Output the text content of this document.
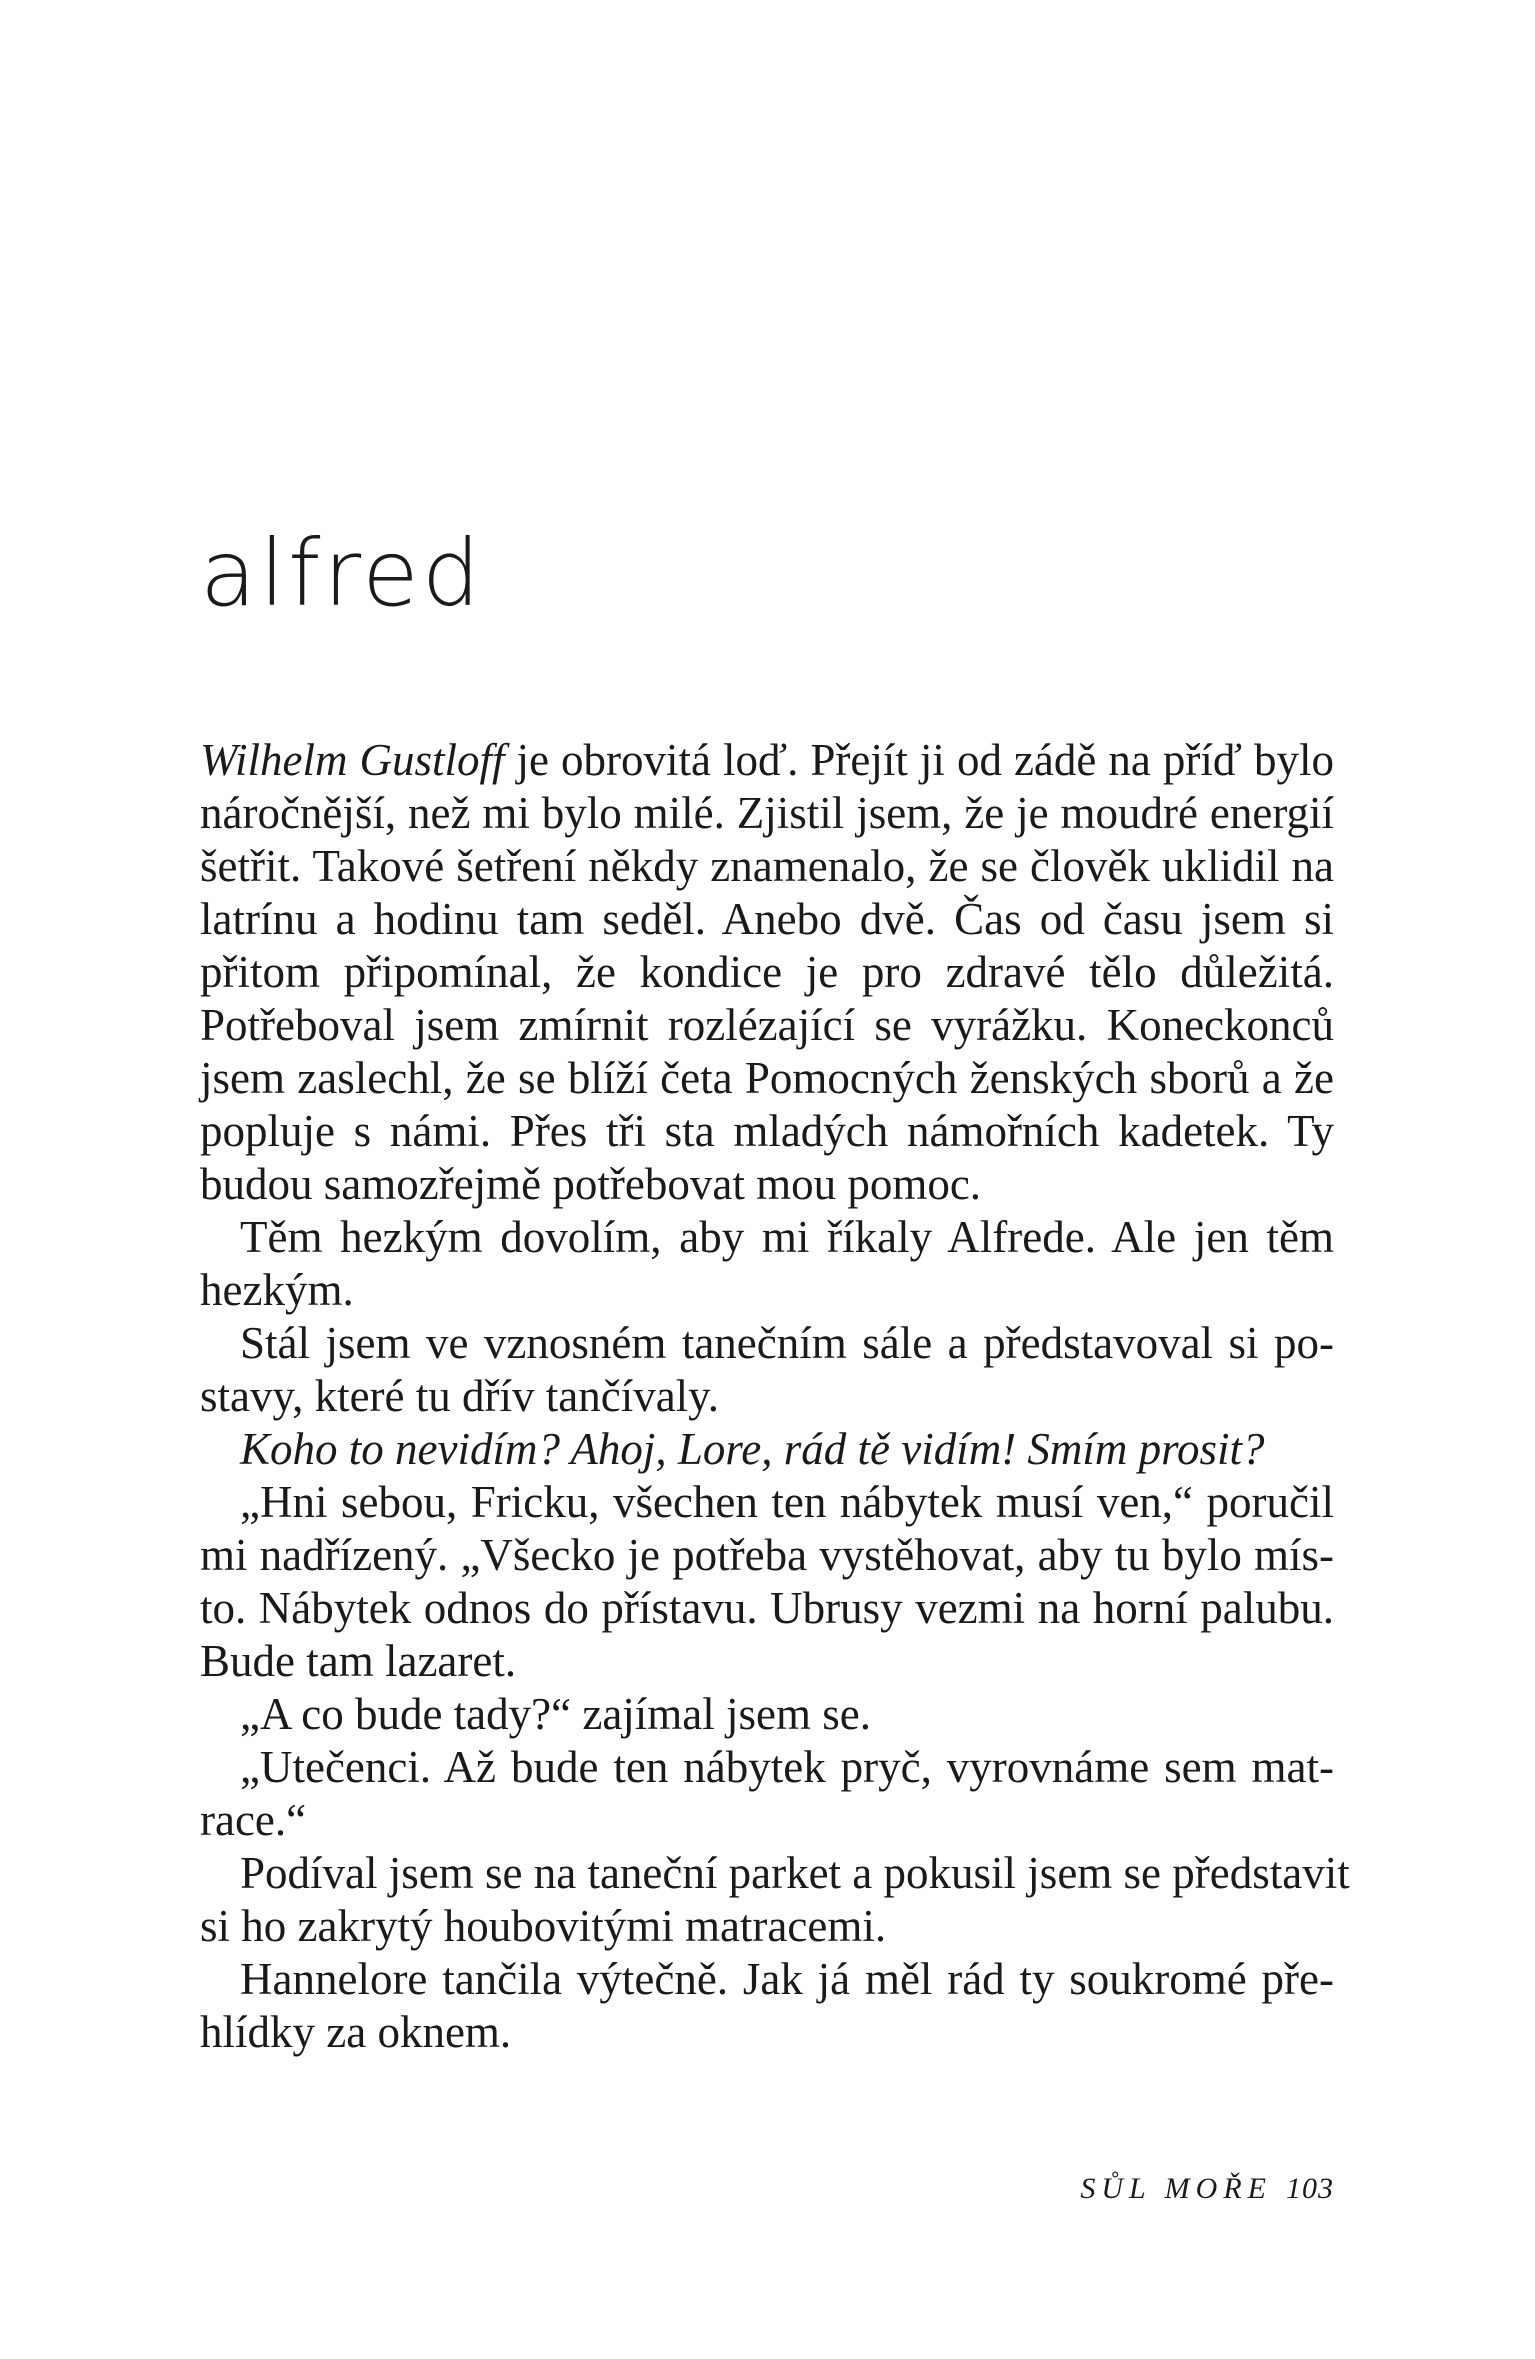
alfred
Wilhelm Gustloff je obrovitá loď. Přejít ji od zádě na příď bylo
náročnější, než mi bylo milé. Zjistil jsem, že je moudré energií
šetřit. Takové šetření někdy znamenalo, že se člověk uklidil na
latrínu a hodinu tam seděl. Anebo dvě. Čas od času jsem si
přitom připomínal, že kondice je pro zdravé tělo důležitá.
Potřeboval jsem zmírnit rozlézající se vyrážku. Koneckonců
jsem zaslechl, že se blíží četa Pomocných ženských sborů a že
popluje s námi. Přes tři sta mladých námořních kadetek. Ty
budou samozřejmě potřebovat mou pomoc.
Těm hezkým dovolím, aby mi říkaly Alfrede. Ale jen těm
hezkým.
Stál jsem ve vznosném tanečním sále a představoval si po-
stavy, které tu dřív tančívaly.
Koho to nevidím? Ahoj, Lore, rád tě vidím! Smím prosit?
„Hni sebou, Fricku, všechen ten nábytek musí ven,“ poručil
mi nadřízený. „Všecko je potřeba vystěhovat, aby tu bylo mís-
to. Nábytek odnos do přístavu. Ubrusy vezmi na horní palubu.
Bude tam lazaret.
„A co bude tady?“ zajímal jsem se.
„Utečenci. Až bude ten nábytek pryč, vyrovnáme sem mat-
race.“
Podíval jsem se na taneční parket a pokusil jsem se představit
si ho zakrytý houbovitými matracemi.
Hannelore tančila výtečně. Jak já měl rád ty soukromé pře-
hlídky za oknem.
SŮL MOŘE 103
